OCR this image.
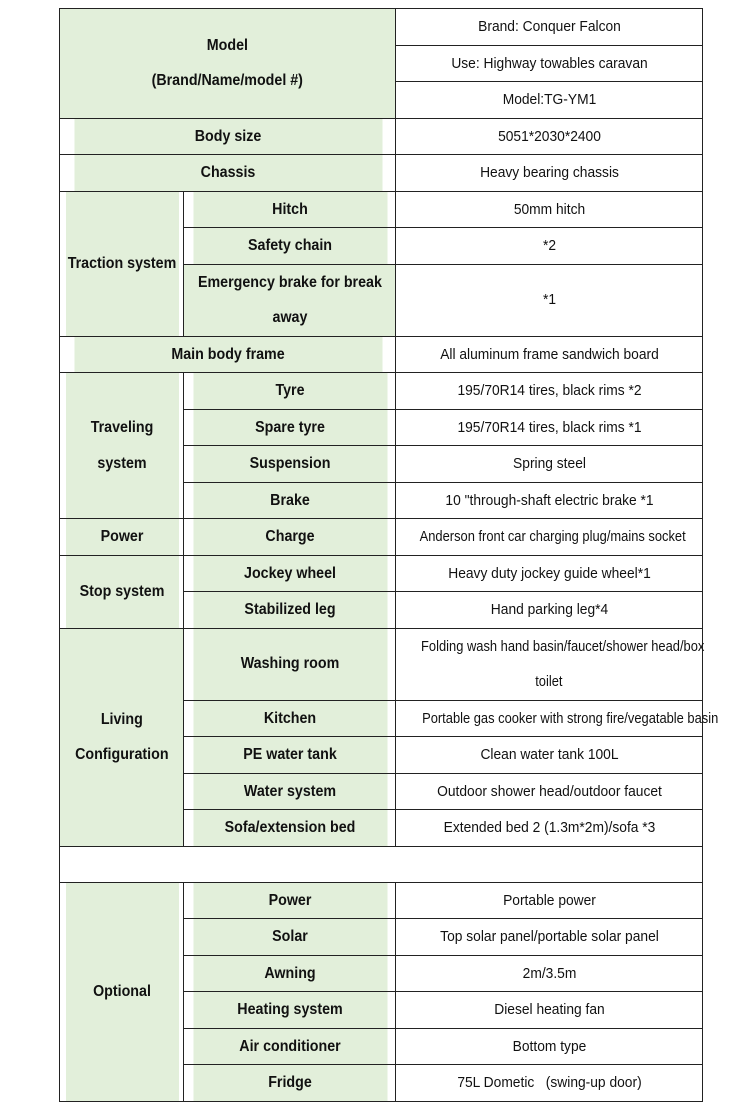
Model
(Brand/Name/model #)		Brand: Conquer Falcon
		Use: Highway towables caravan
		Model:TG-YM1
Body size		5051*2030*2400
Chassis		Heavy bearing chassis
Traction system	Hitch	50mm hitch
	Safety chain	*2
	Emergency brake for break
away	*1
Main body frame		All aluminum frame sandwich board
Traveling system	Tyre	195/70R14 tires, black rims *2
	Spare tyre	195/70R14 tires, black rims *1
	Suspension	Spring steel
	Brake	10 "through-shaft electric brake *1
Power	Charge	Anderson front car charging plug/mains socket
Stop system	Jockey wheel	Heavy duty jockey guide wheel*1
	Stabilized leg	Hand parking leg*4
Living
Configuration	Washing room	Folding wash hand basin/faucet/shower head/box
toilet
	Kitchen	Portable gas cooker with strong fire/vegatable basin
	PE water tank	Clean water tank 100L
	Water system	Outdoor shower head/outdoor faucet
	Sofa/extension bed	Extended bed 2 (1.3m*2m)/sofa *3

Optional	Power	Portable power
	Solar	Top solar panel/portable solar panel
	Awning	2m/3.5m
	Heating system	Diesel heating fan
	Air conditioner	Bottom type
	Fridge	75L Dometic   (swing-up door)
